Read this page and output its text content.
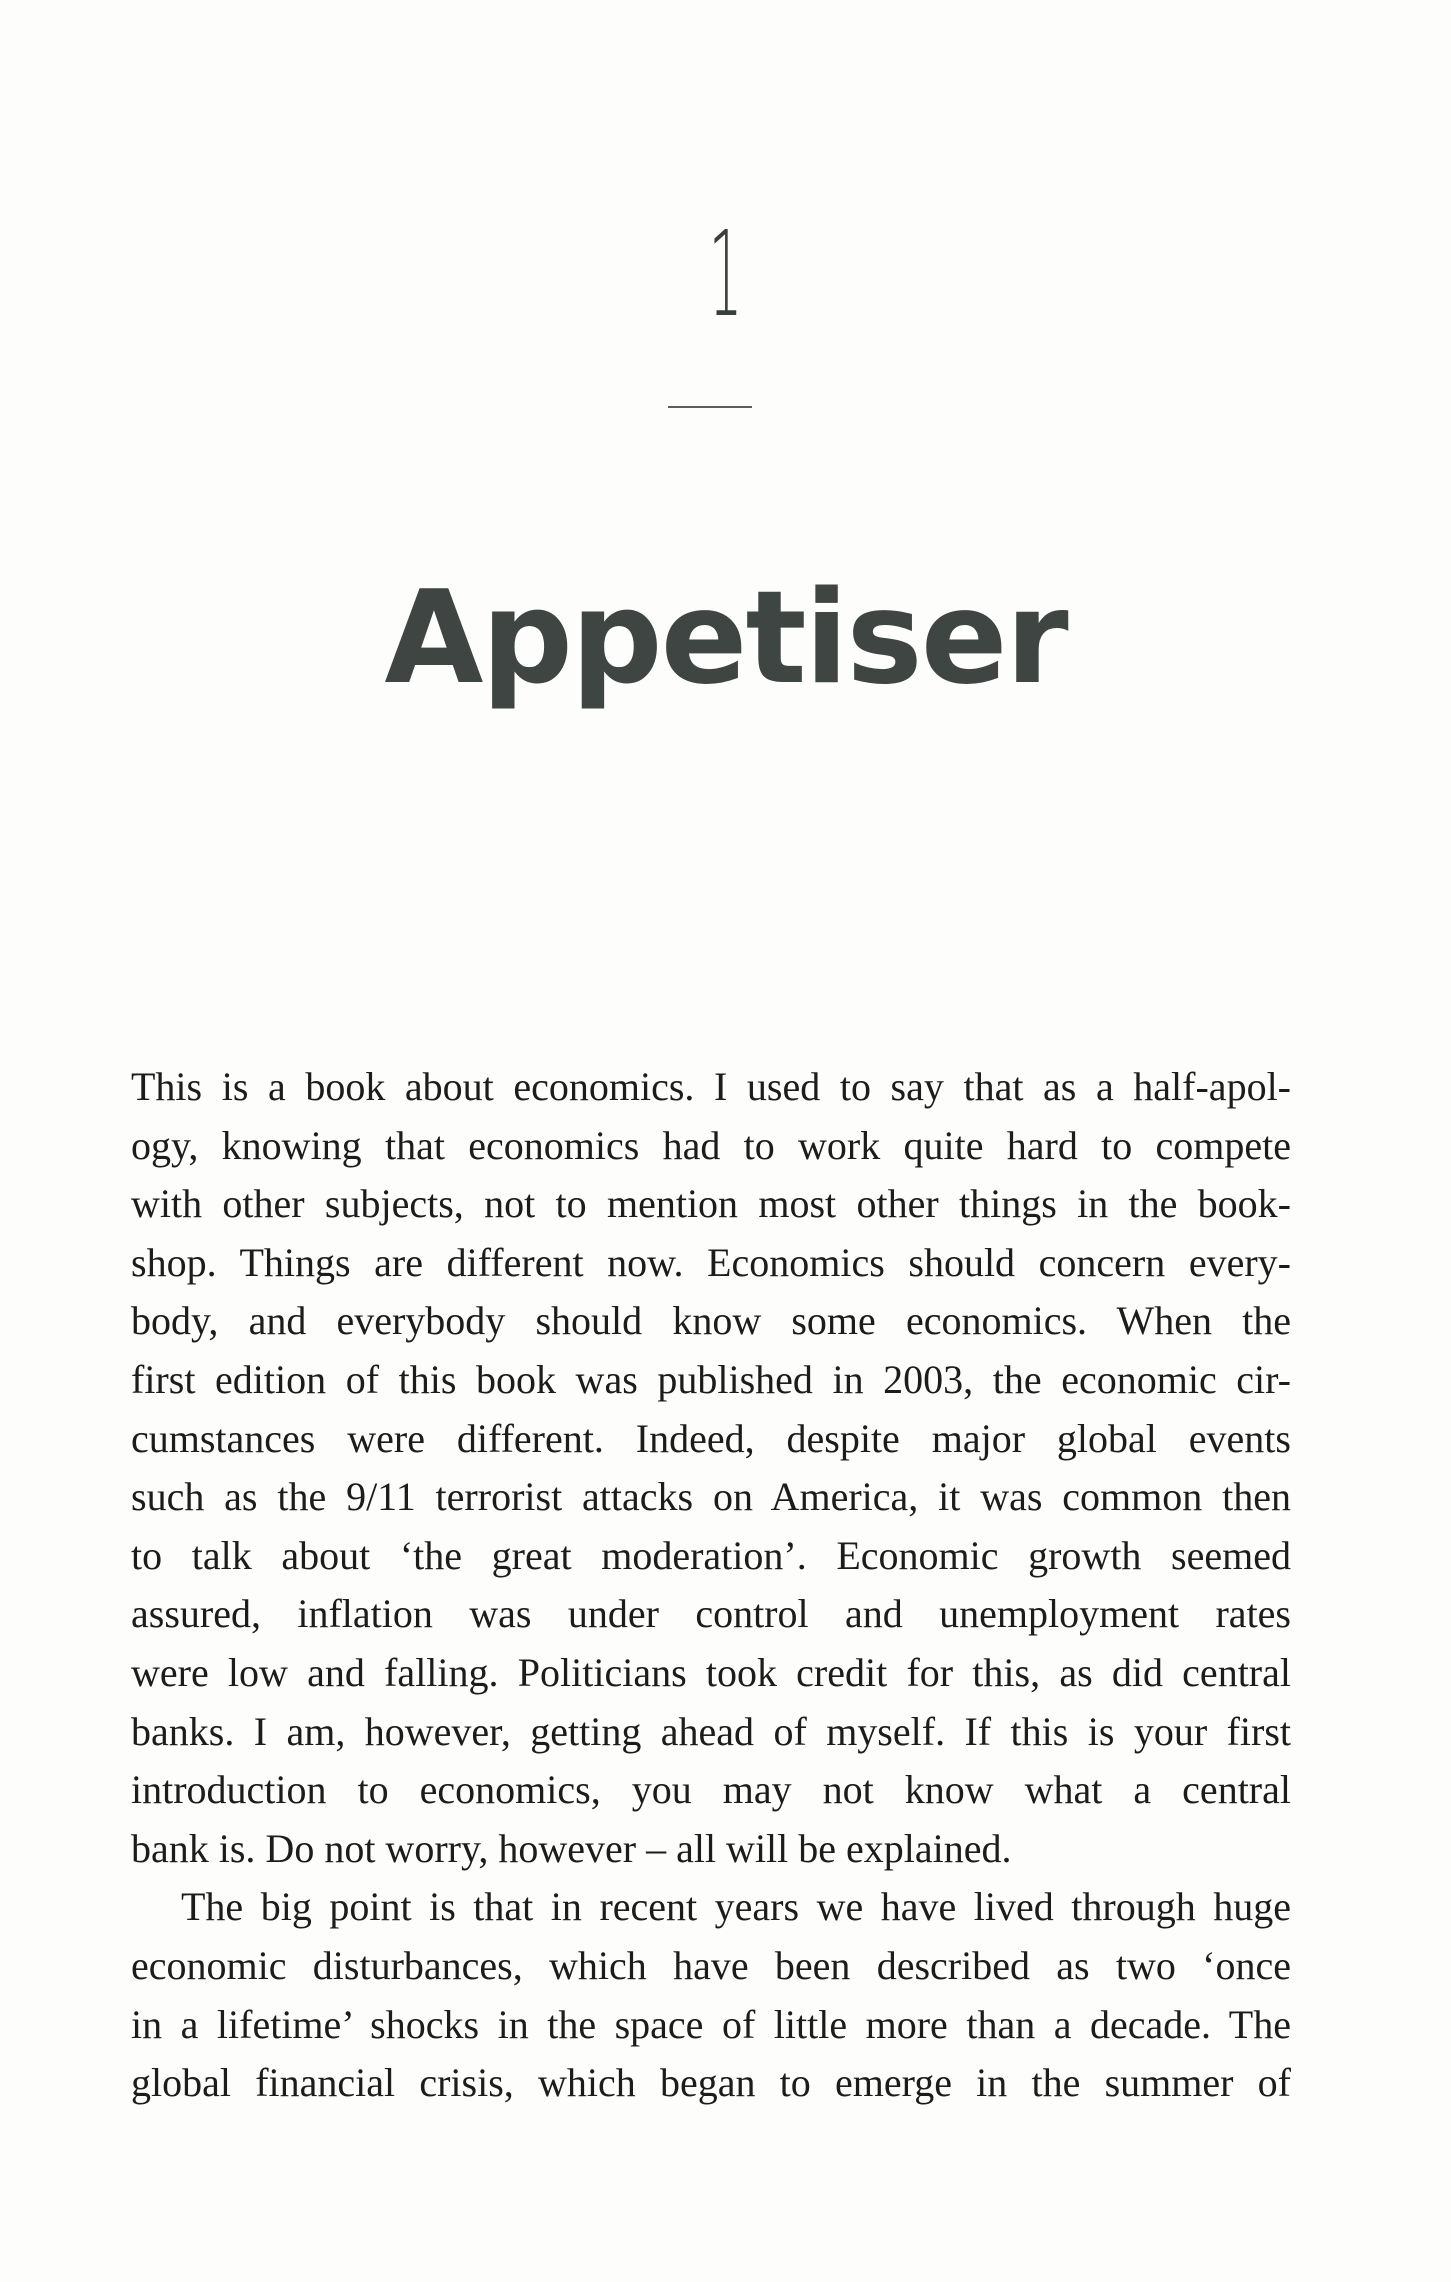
1
Appetiser
This is a book about economics. I used to say that as a half-apol-
ogy, knowing that economics had to work quite hard to compete
with other subjects, not to mention most other things in the book-
shop. Things are different now. Economics should concern every-
body, and everybody should know some economics. When the
first edition of this book was published in 2003, the economic cir-
cumstances were different. Indeed, despite major global events
such as the 9/11 terrorist attacks on America, it was common then
to talk about ‘the great moderation’. Economic growth seemed
assured, inflation was under control and unemployment rates
were low and falling. Politicians took credit for this, as did central
banks. I am, however, getting ahead of myself. If this is your first
introduction to economics, you may not know what a central
bank is. Do not worry, however – all will be explained.
The big point is that in recent years we have lived through huge
economic disturbances, which have been described as two ‘once
in a lifetime’ shocks in the space of little more than a decade. The
global financial crisis, which began to emerge in the summer of
